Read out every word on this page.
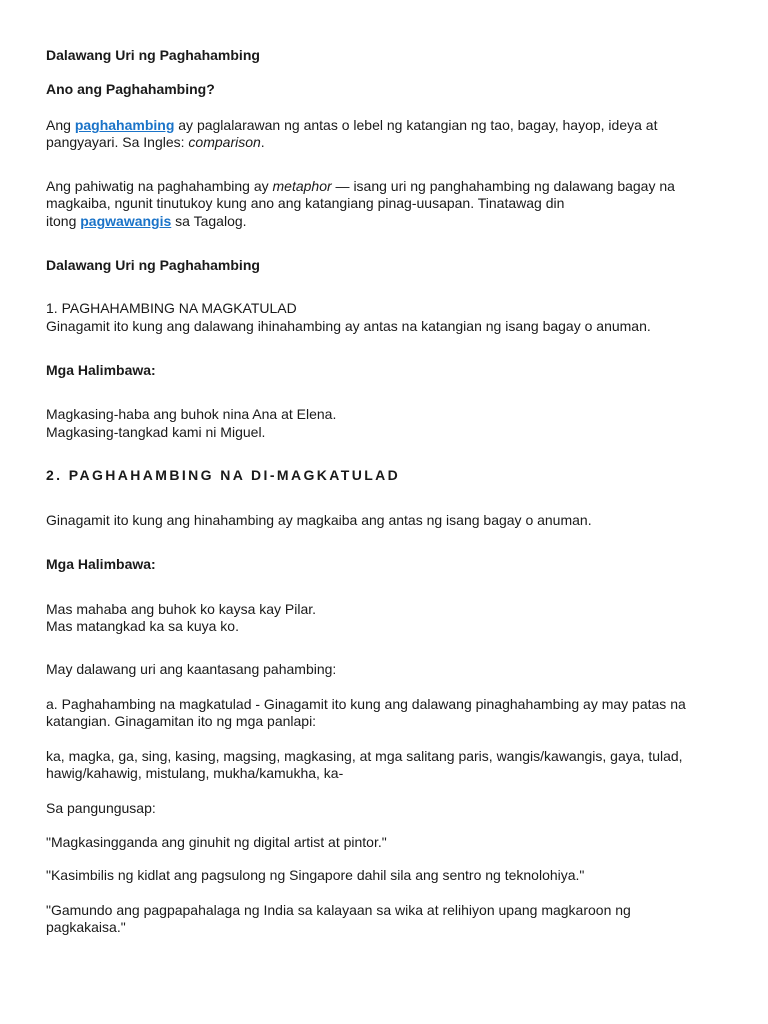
Dalawang Uri ng Paghahambing
Ano ang Paghahambing?
Ang paghahambing ay paglalarawan ng antas o lebel ng katangian ng tao, bagay, hayop, ideya at
pangyayari. Sa Ingles: comparison.
Ang pahiwatig na paghahambing ay metaphor — isang uri ng panghahambing ng dalawang bagay na
magkaiba, ngunit tinutukoy kung ano ang katangiang pinag-uusapan. Tinatawag din
itong pagwawangis sa Tagalog.
Dalawang Uri ng Paghahambing
1. PAGHAHAMBING NA MAGKATULAD
Ginagamit ito kung ang dalawang ihinahambing ay antas na katangian ng isang bagay o anuman.
Mga Halimbawa:
Magkasing-haba ang buhok nina Ana at Elena.
Magkasing-tangkad kami ni Miguel.
2. PAGHAHAMBING NA DI-MAGKATULAD
Ginagamit ito kung ang hinahambing ay magkaiba ang antas ng isang bagay o anuman.
Mga Halimbawa:
Mas mahaba ang buhok ko kaysa kay Pilar.
Mas matangkad ka sa kuya ko.
May dalawang uri ang kaantasang pahambing:
a. Paghahambing na magkatulad - Ginagamit ito kung ang dalawang pinaghahambing ay may patas na
katangian. Ginagamitan ito ng mga panlapi:
ka, magka, ga, sing, kasing, magsing, magkasing, at mga salitang paris, wangis/kawangis, gaya, tulad,
hawig/kahawig, mistulang, mukha/kamukha, ka-
Sa pangungusap:
"Magkasingganda ang ginuhit ng digital artist at pintor."
"Kasimbilis ng kidlat ang pagsulong ng Singapore dahil sila ang sentro ng teknolohiya."
"Gamundo ang pagpapahalaga ng India sa kalayaan sa wika at relihiyon upang magkaroon ng
pagkakaisa."
